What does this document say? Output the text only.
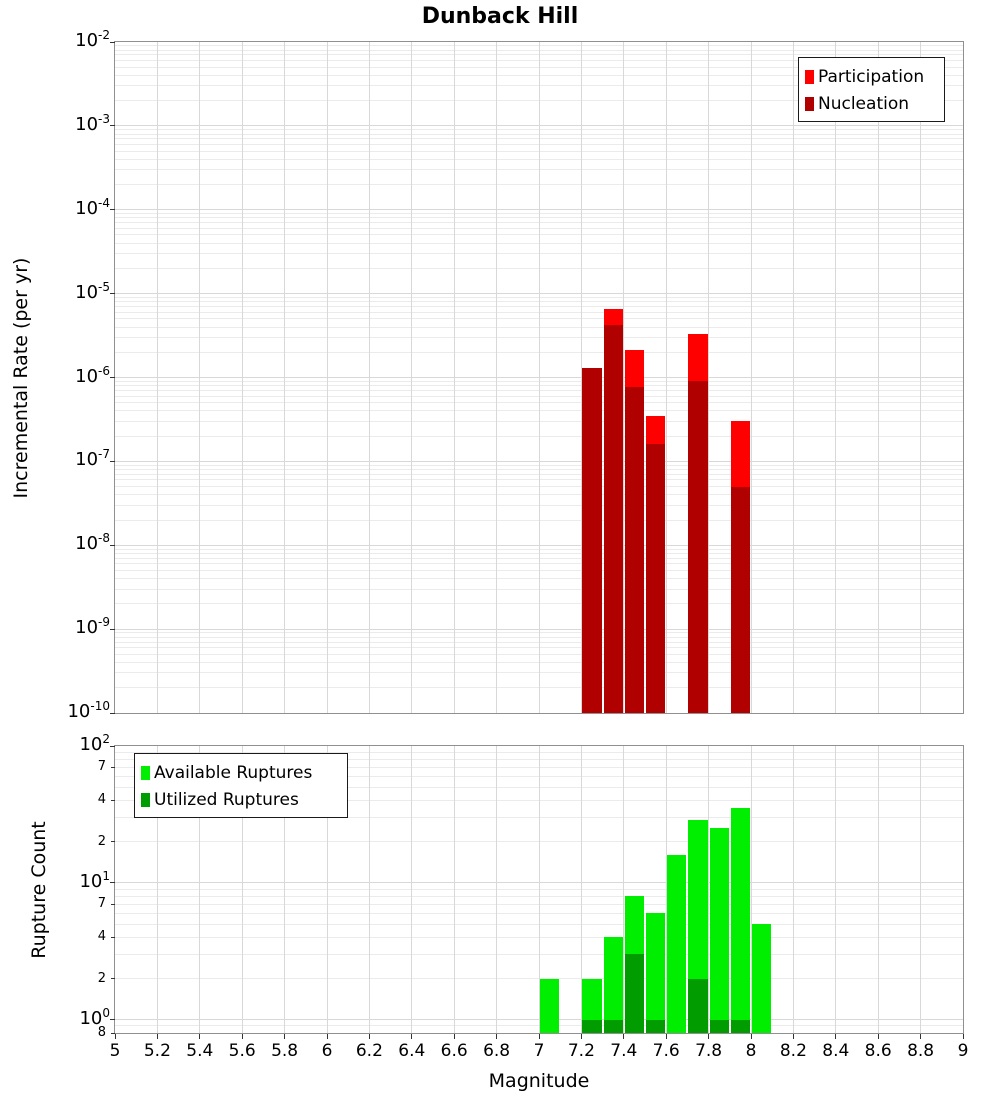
Dunback Hill
Incremental Rate (per yr)
Rupture Count
Magnitude
Participation
Nucleation
Available Ruptures
Utilized Ruptures
$10^{-2}$
$10^{-3}$
$10^{-4}$
$10^{-5}$
$10^{-6}$
$10^{-7}$
$10^{-8}$
$10^{-9}$
$10^{-10}$
$10^2$
$10^1$
$10^0$
7
4
2
7
4
2
8
5	5.2 5.4 5.6 5.8	6	6.2 6.4 6.6 6.8	7	7.2 7.4 7.6 7.8	8	8.2 8.4 8.6 8.8	9
